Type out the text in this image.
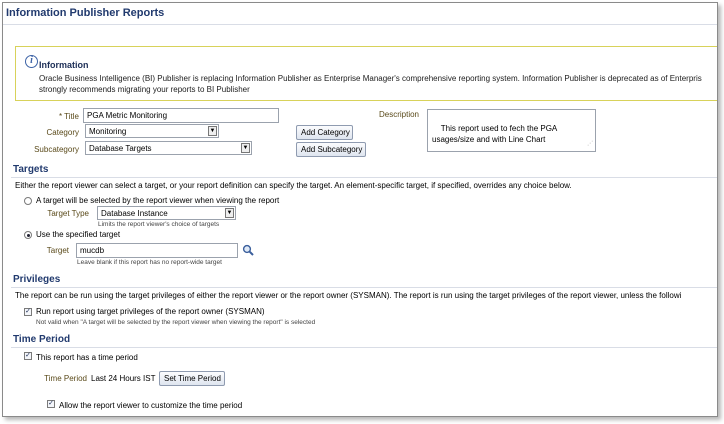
Information Publisher Reports
i Information
Oracle Business Intelligence (BI) Publisher is replacing Information Publisher as Enterprise Manager's comprehensive reporting system. Information Publisher is deprecated as of Enterpris
strongly recommends migrating your reports to BI Publisher
* Title	PGA Metric Monitoring
Category	Monitoring	▼
Subcategory	Database Targets	▼
Add Category
Add Subcategory
Description

This report used to fech the PGA
usages/size and with Line Chart
	⋰

Targets
Either the report viewer can select a target, or your report definition can specify the target. An element-specific target, if specified, overrides any choice below.
A target will be selected by the report viewer when viewing the report
Target Type	Database Instance	▼
Limits the report viewer's choice of targets
Use the specified target
Target	mucdb
Leave blank if this report has no report-wide target
Privileges
The report can be run using the target privileges of either the report viewer or the report owner (SYSMAN). The report is run using the target privileges of the report viewer, unless the followi
✓ Run report using target privileges of the report owner (SYSMAN)
Not valid when "A target will be selected by the report viewer when viewing the report" is selected
Time Period
✓ This report has a time period
Time Period Last 24 Hours IST	Set Time Period
✓ Allow the report viewer to customize the time period
